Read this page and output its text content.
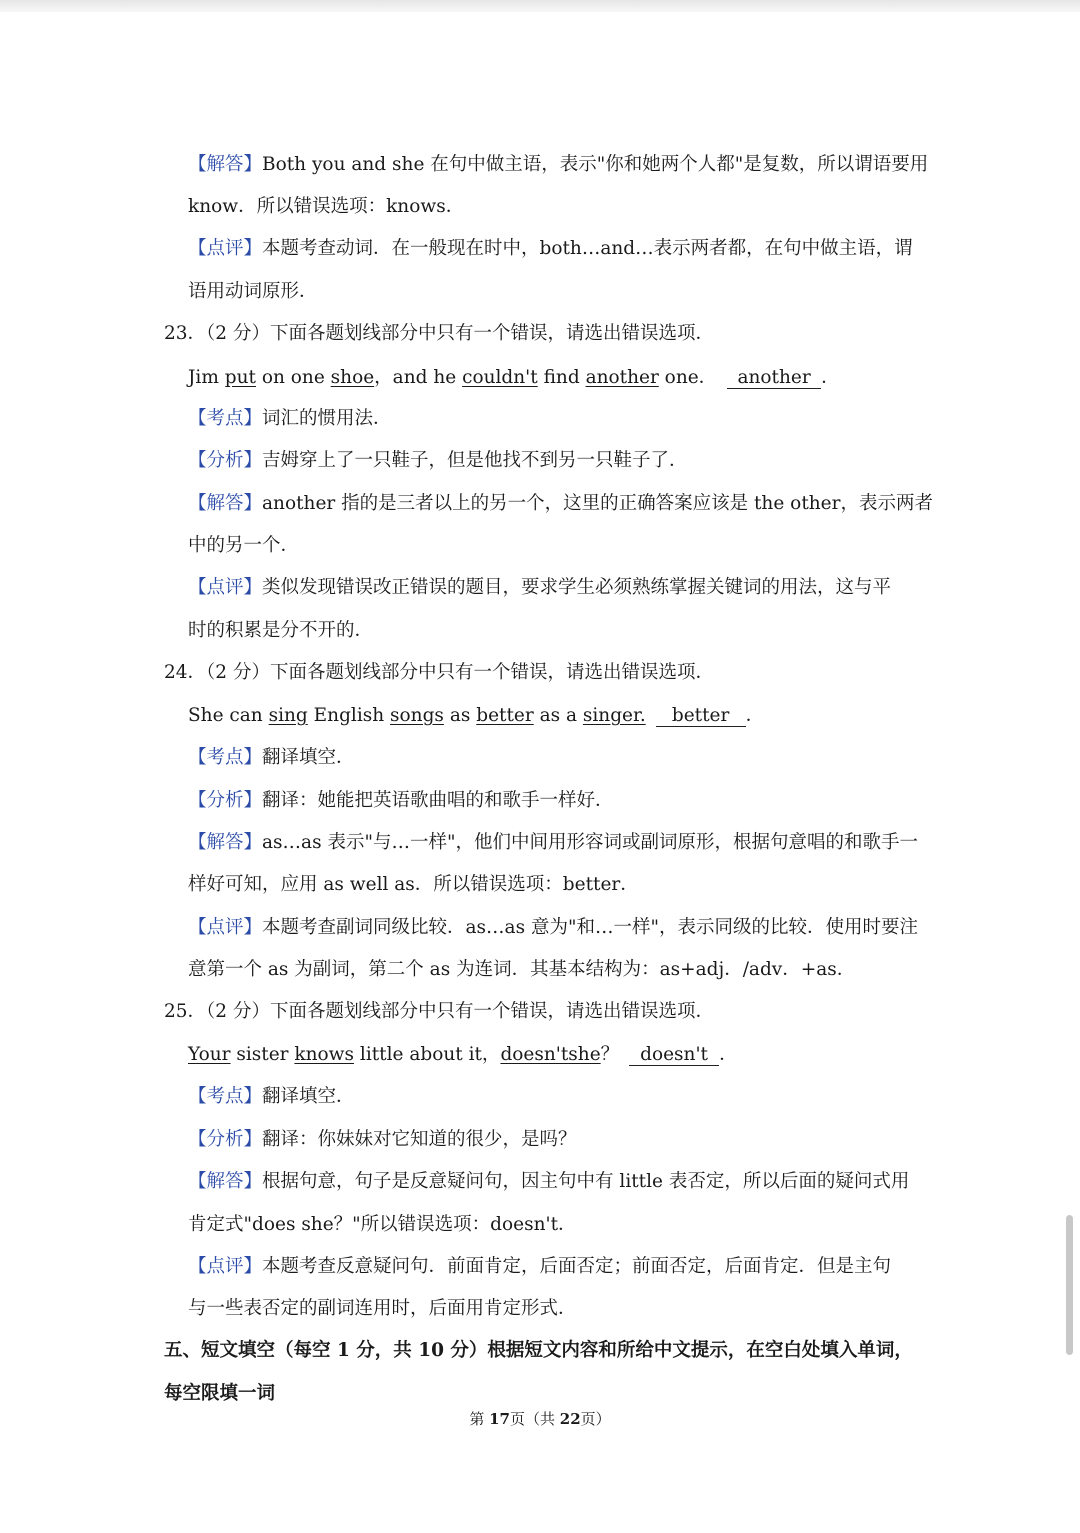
【解答】Both you and she 在句中做主语，表示"你和她两个人都"是复数，所以谓语要用
know．所以错误选项：knows．
【点评】本题考查动词．在一般现在时中，both…and…表示两者都，在句中做主语，谓
语用动词原形．
23．（2 分）下面各题划线部分中只有一个错误，请选出错误选项．
Jim put on one shoe，and he couldn't find another one． another ．
【考点】词汇的惯用法．
【分析】吉姆穿上了一只鞋子，但是他找不到另一只鞋子了．
【解答】another 指的是三者以上的另一个，这里的正确答案应该是 the other，表示两者
中的另一个．
【点评】类似发现错误改正错误的题目，要求学生必须熟练掌握关键词的用法，这与平
时的积累是分不开的．
24．（2 分）下面各题划线部分中只有一个错误，请选出错误选项．
She can sing English songs as better as a singer. better ．
【考点】翻译填空．
【分析】翻译：她能把英语歌曲唱的和歌手一样好．
【解答】as…as 表示"与…一样"，他们中间用形容词或副词原形，根据句意唱的和歌手一
样好可知，应用 as well as．所以错误选项：better．
【点评】本题考查副词同级比较．as…as 意为"和…一样"，表示同级的比较．使用时要注
意第一个 as 为副词，第二个 as 为连词．其基本结构为：as+adj．/adv．+as．
25．（2 分）下面各题划线部分中只有一个错误，请选出错误选项．
Your sister knows little about it，doesn'tshe？ doesn't ．
【考点】翻译填空．
【分析】翻译：你妹妹对它知道的很少，是吗？
【解答】根据句意，句子是反意疑问句，因主句中有 little 表否定，所以后面的疑问式用
肯定式"does she？"所以错误选项：doesn't．
【点评】本题考查反意疑问句．前面肯定，后面否定；前面否定，后面肯定．但是主句
与一些表否定的副词连用时，后面用肯定形式．
五、短文填空（每空 1 分，共 10 分）根据短文内容和所给中文提示，在空白处填入单词，
每空限填一词
第 17页（共 22页）
